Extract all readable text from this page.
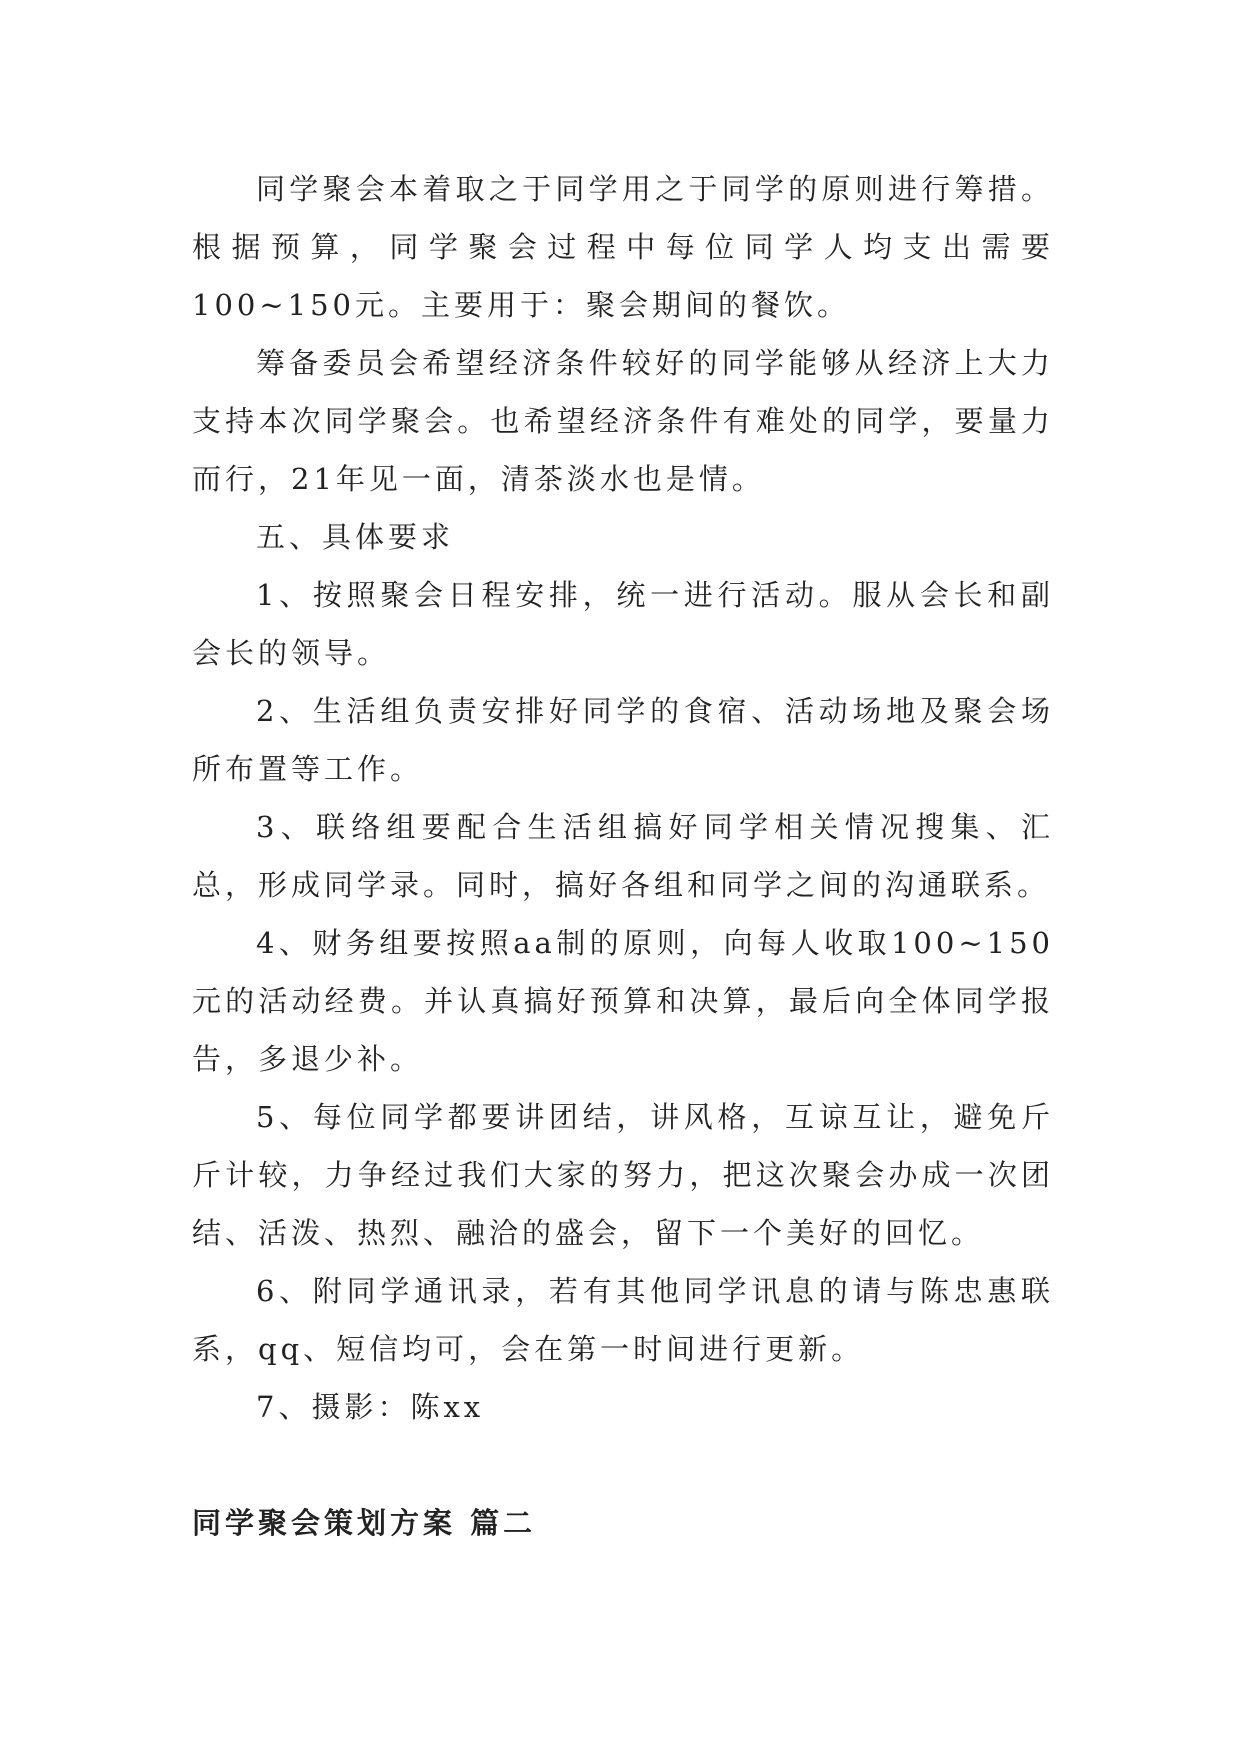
同学聚会本着取之于同学用之于同学的原则进行筹措。根据预算，同学聚会过程中每位同学人均支出需要100~150元。主要用于：聚会期间的餐饮。

筹备委员会希望经济条件较好的同学能够从经济上大力支持本次同学聚会。也希望经济条件有难处的同学，要量力而行，21年见一面，清茶淡水也是情。

五、具体要求

1、按照聚会日程安排，统一进行活动。服从会长和副会长的领导。

2、生活组负责安排好同学的食宿、活动场地及聚会场所布置等工作。

3、联络组要配合生活组搞好同学相关情况搜集、汇总，形成同学录。同时，搞好各组和同学之间的沟通联系。

4、财务组要按照aa制的原则，向每人收取100~150元的活动经费。并认真搞好预算和决算，最后向全体同学报告，多退少补。

5、每位同学都要讲团结，讲风格，互谅互让，避免斤斤计较，力争经过我们大家的努力，把这次聚会办成一次团结、活泼、热烈、融洽的盛会，留下一个美好的回忆。

6、附同学通讯录，若有其他同学讯息的请与陈忠惠联系，qq、短信均可，会在第一时间进行更新。

7、摄影：陈xx

同学聚会策划方案 篇二
